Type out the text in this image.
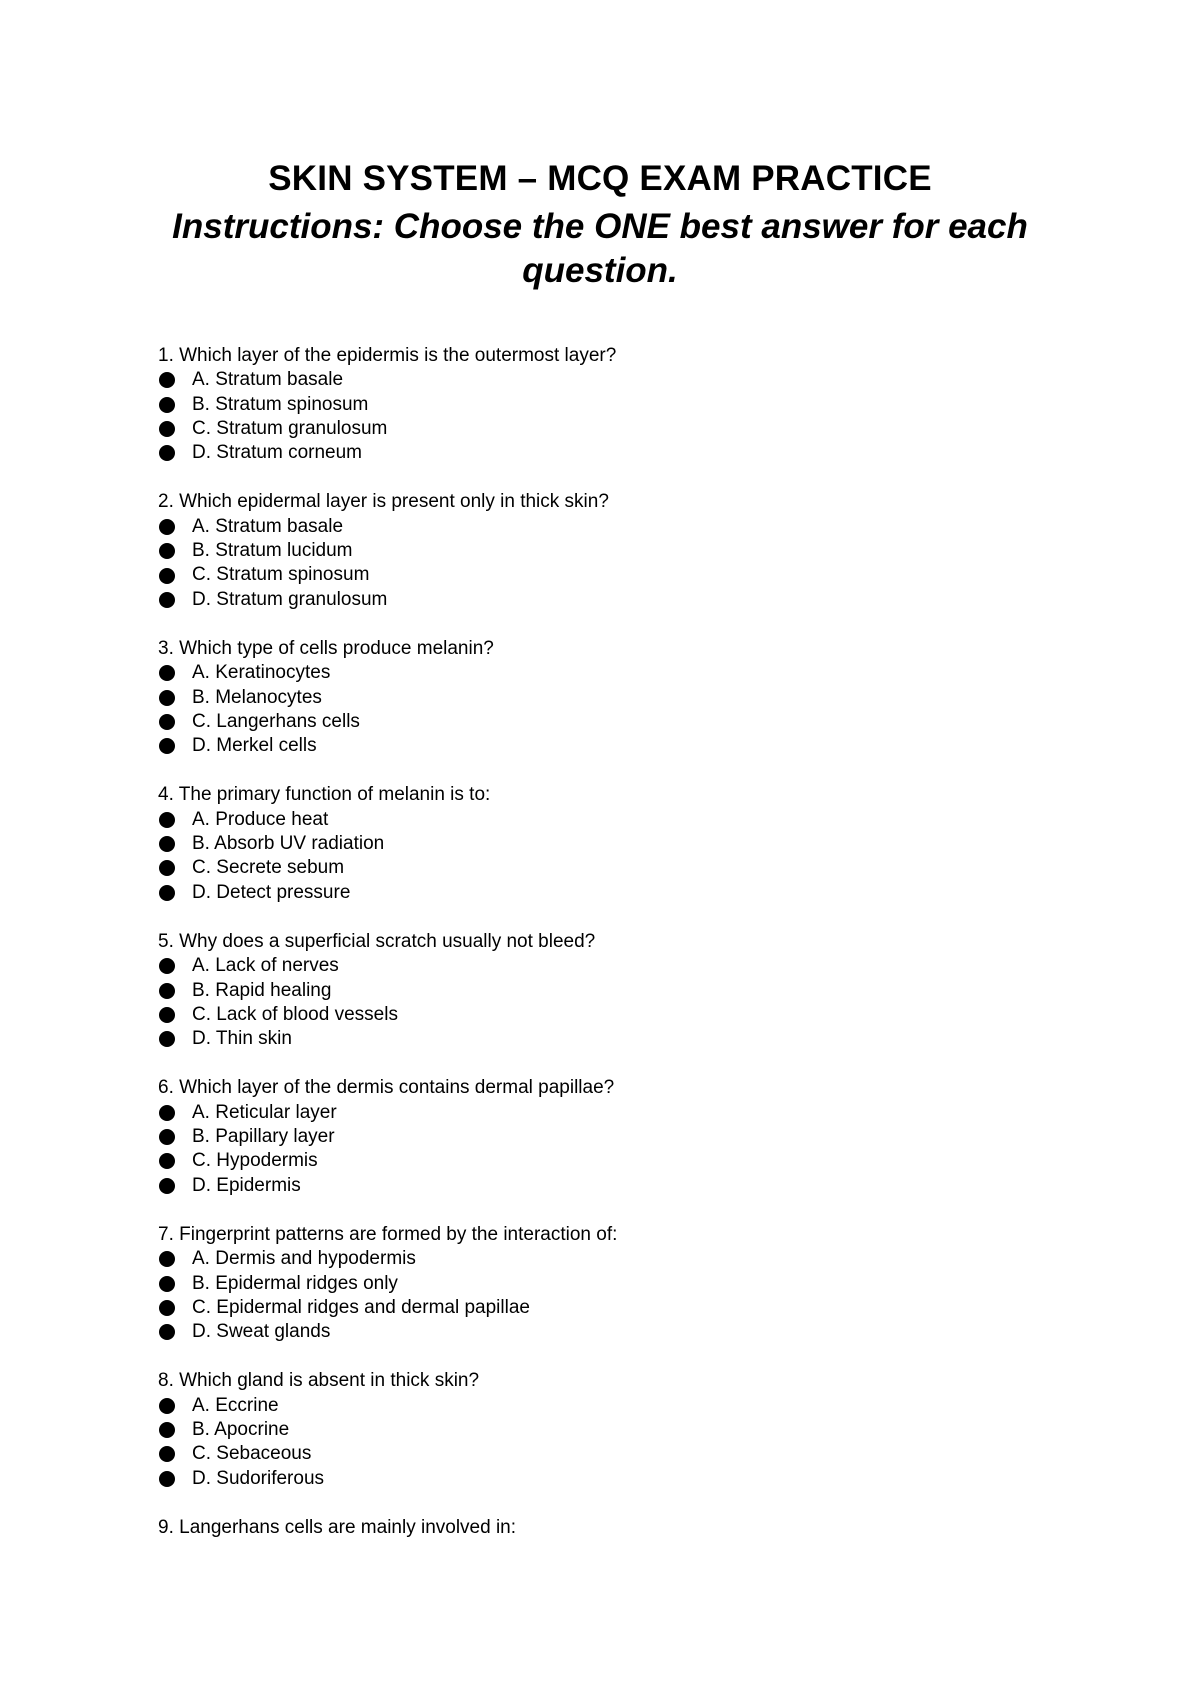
SKIN SYSTEM – MCQ EXAM PRACTICE

Instructions: Choose the ONE best answer for each question.

1. Which layer of the epidermis is the outermost layer?
A. Stratum basale
B. Stratum spinosum
C. Stratum granulosum
D. Stratum corneum
2. Which epidermal layer is present only in thick skin?
A. Stratum basale
B. Stratum lucidum
C. Stratum spinosum
D. Stratum granulosum
3. Which type of cells produce melanin?
A. Keratinocytes
B. Melanocytes
C. Langerhans cells
D. Merkel cells
4. The primary function of melanin is to:
A. Produce heat
B. Absorb UV radiation
C. Secrete sebum
D. Detect pressure
5. Why does a superficial scratch usually not bleed?
A. Lack of nerves
B. Rapid healing
C. Lack of blood vessels
D. Thin skin
6. Which layer of the dermis contains dermal papillae?
A. Reticular layer
B. Papillary layer
C. Hypodermis
D. Epidermis
7. Fingerprint patterns are formed by the interaction of:
A. Dermis and hypodermis
B. Epidermal ridges only
C. Epidermal ridges and dermal papillae
D. Sweat glands
8. Which gland is absent in thick skin?
A. Eccrine
B. Apocrine
C. Sebaceous
D. Sudoriferous
9. Langerhans cells are mainly involved in:
